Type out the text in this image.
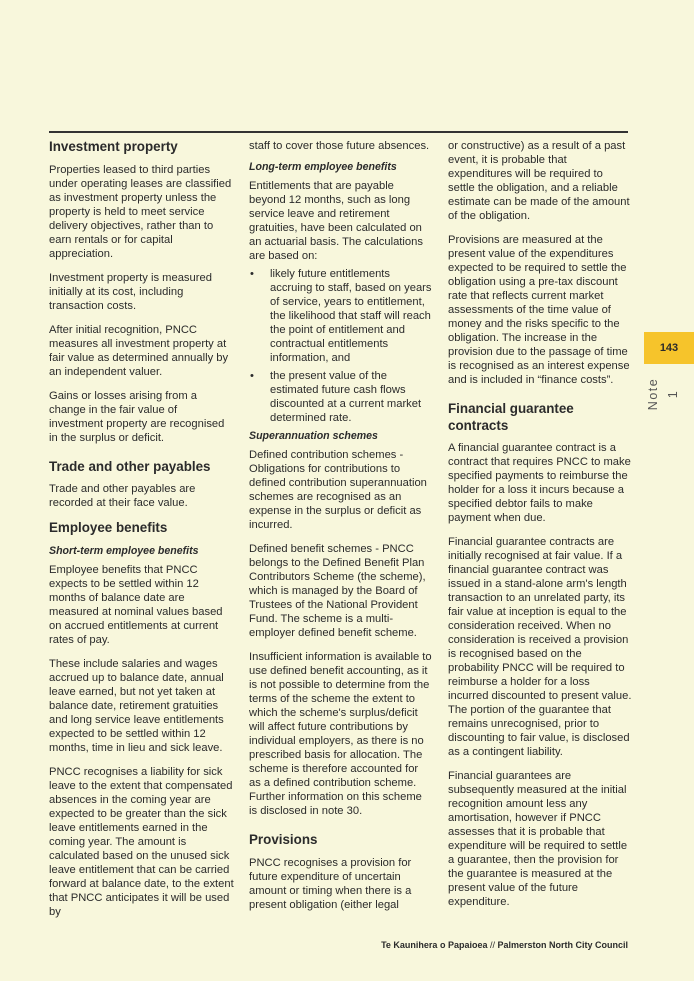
Investment property

Properties leased to third parties under operating leases are classified as investment property unless the property is held to meet service delivery objectives, rather than to earn rentals or for capital appreciation.

Investment property is measured initially at its cost, including transaction costs.

After initial recognition, PNCC measures all investment property at fair value as determined annually by an independent valuer.

Gains or losses arising from a change in the fair value of investment property are recognised in the surplus or deficit.

Trade and other payables

Trade and other payables are recorded at their face value.

Employee benefits
Short-term employee benefits

Employee benefits that PNCC expects to be settled within 12 months of balance date are measured at nominal values based on accrued entitlements at current rates of pay.

These include salaries and wages accrued up to balance date, annual leave earned, but not yet taken at balance date, retirement gratuities and long service leave entitlements expected to be settled within 12 months, time in lieu and sick leave.

PNCC recognises a liability for sick leave to the extent that compensated absences in the coming year are expected to be greater than the sick leave entitlements earned in the coming year. The amount is calculated based on the unused sick leave entitlement that can be carried forward at balance date, to the extent that PNCC anticipates it will be used by

staff to cover those future absences.

Long-term employee benefits

Entitlements that are payable beyond 12 months, such as long service leave and retirement gratuities, have been calculated on an actuarial basis. The calculations are based on:

• likely future entitlements accruing to staff, based on years of service, years to entitlement, the likelihood that staff will reach the point of entitlement and contractual entitlements information, and
• the present value of the estimated future cash flows discounted at a current market determined rate.
Superannuation schemes

Defined contribution schemes - Obligations for contributions to defined contribution superannuation schemes are recognised as an expense in the surplus or deficit as incurred.

Defined benefit schemes - PNCC belongs to the Defined Benefit Plan Contributors Scheme (the scheme), which is managed by the Board of Trustees of the National Provident Fund. The scheme is a multi-employer defined benefit scheme.

Insufficient information is available to use defined benefit accounting, as it is not possible to determine from the terms of the scheme the extent to which the scheme's surplus/deficit will affect future contributions by individual employers, as there is no prescribed basis for allocation. The scheme is therefore accounted for as a defined contribution scheme. Further information on this scheme is disclosed in note 30.

Provisions

PNCC recognises a provision for future expenditure of uncertain amount or timing when there is a present obligation (either legal

or constructive) as a result of a past event, it is probable that expenditures will be required to settle the obligation, and a reliable estimate can be made of the amount of the obligation.

Provisions are measured at the present value of the expenditures expected to be required to settle the obligation using a pre-tax discount rate that reflects current market assessments of the time value of money and the risks specific to the obligation. The increase in the provision due to the passage of time is recognised as an interest expense and is included in “finance costs”.

Financial guarantee contracts

A financial guarantee contract is a contract that requires PNCC to make specified payments to reimburse the holder for a loss it incurs because a specified debtor fails to make payment when due.

Financial guarantee contracts are initially recognised at fair value. If a financial guarantee contract was issued in a stand-alone arm's length transaction to an unrelated party, its fair value at inception is equal to the consideration received. When no consideration is received a provision is recognised based on the probability PNCC will be required to reimburse a holder for a loss incurred discounted to present value. The portion of the guarantee that remains unrecognised, prior to discounting to fair value, is disclosed as a contingent liability.

Financial guarantees are subsequently measured at the initial recognition amount less any amortisation, however if PNCC assesses that it is probable that expenditure will be required to settle a guarantee, then the provision for the guarantee is measured at the present value of the future expenditure.

143
Note 1
Te Kaunihera o Papaioea // Palmerston North City Council
